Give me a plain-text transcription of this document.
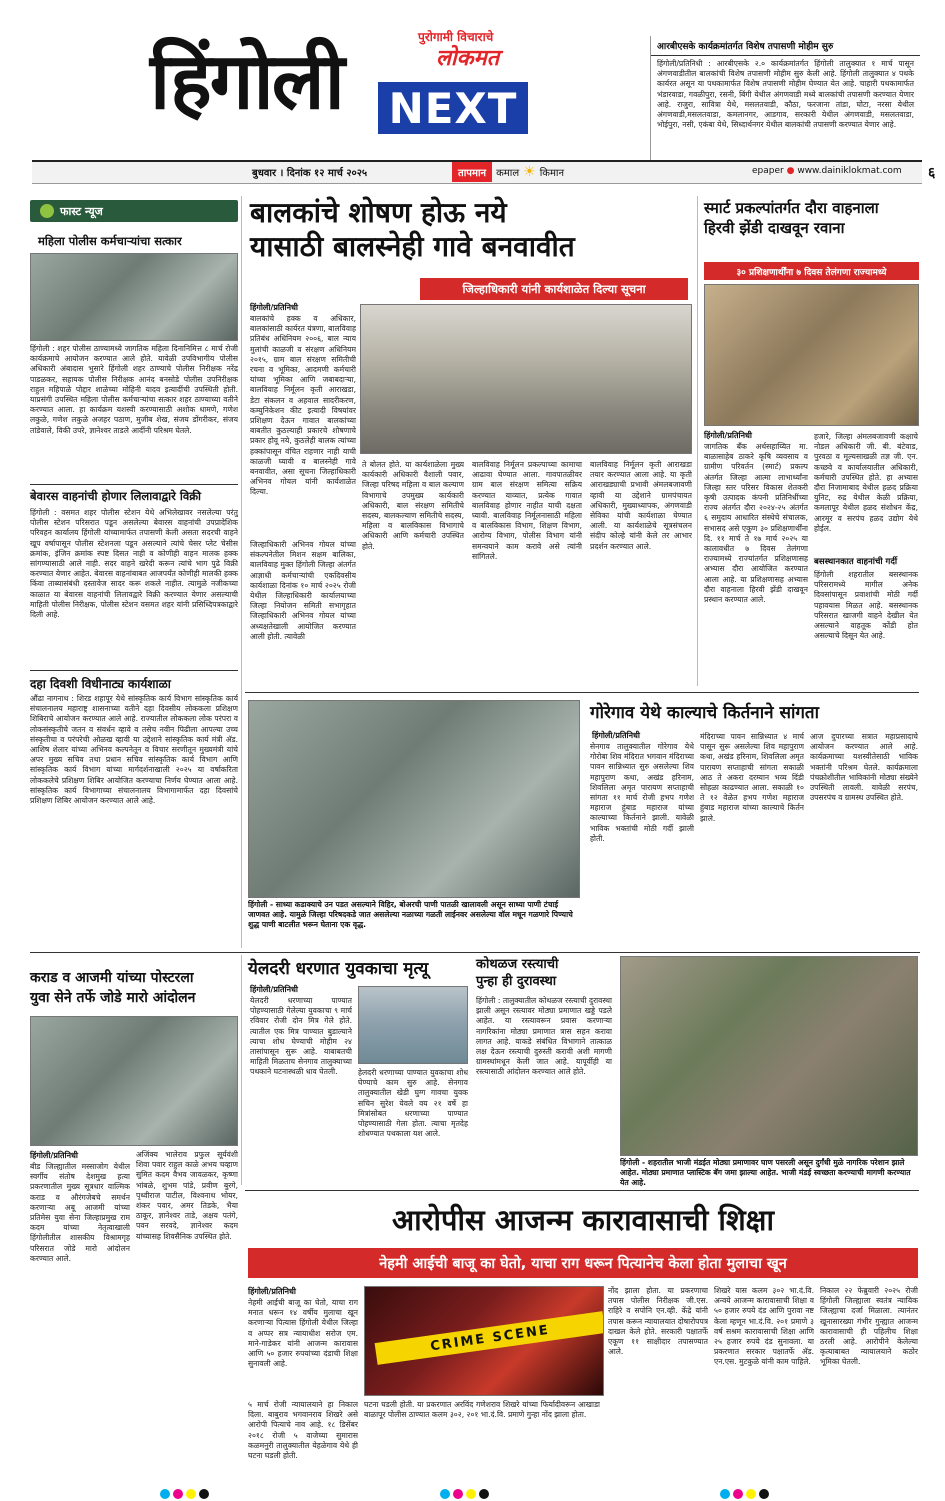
हिंगोली	पुरोगामी विचाराचे
लोकमत
NEXT
आरबीएसके कार्यक्रमांतर्गत विशेष तपासणी मोहीम सुरु
हिंगोली/प्रतिनिधी : आरबीएसके २.० कार्यक्रमांतर्गत हिंगोली तालुक्यात १ मार्च पासून अंगणवाडीतील बालकांची विशेष तपासणी मोहीम सुरु केली आहे. हिंगोली तालुक्यात ४ पथके कार्यरत असून या पथकामार्फत विशेष तपासणी मोहीम घेण्यात येत आहे. चाहारी पथकामार्फत भंडारवाडा, गवळीपुरा, रसनी, बिंगी येथील अंगणवाडी मध्ये बालकांची तपासणी करण्यात येणार आहे. राजुरा, सावित्रा येथे, मसलतवाडी, कौठा, फरजाना तांडा, घोटा, नरसा येथील अंगणवाडी,मसलतवाडा, कमलानगर, आडगाव, सरकारी येथील अंगणवाडी, मसलतवाडा, भोईपुरा, नसी, एकंबा येथे, सिध्दार्थनगर येथील बालकांची तपासणी करण्यात येणार आहे.
बुधवार । दिनांक १२ मार्च २०२५	तापमान	कमाल ☀ किमान	epaper ● www.dainiklokmat.com ६
फास्ट न्यूज
महिला पोलीस कर्मचाऱ्यांचा सत्कार
हिंगोली : शहर पोलीस ठाण्यामध्ये जागतिक महिला दिनानिमित्त ८ मार्च रोजी कार्यक्रमाचे आयोजन करण्यात आले होते. यावेळी उपविभागीय पोलीस अधिकारी अंबादास भुसारे हिंगोली शहर ठाण्याचे पोलीस निरीक्षक नरेंद्र पाडळकर, सहायक पोलीस निरीक्षक आनंद बनसोडे पोलीस उपनिरीक्षक राहुल महिपाळे पोद्दार शाळेच्या मोहिनी यादव इत्यादींची उपस्थिती होती. याप्रसंगी उपस्थित महिला पोलीस कर्मचाऱ्यांचा सत्कार शहर ठाण्याच्या वतीने करण्यात आला. हा कार्यक्रम यशस्वी करण्यासाठी अशोक धामणे, गणेश लकुळे, गणेश लकुळे अजहर पठाण, मुजीब शेख, संजय डोंगरीकर, संजय तांडेवाले, विकी उपरे, ज्ञानेश्वर ताडले आदींनी परिश्रम घेतले.
बेवारस वाहनांची होणार लिलावाद्वारे विक्री
हिंगोली : वसमत शहर पोलीस स्टेशन येथे अभिलेखावर नसलेल्या परंतु पोलीस स्टेशन परिसरात पडून असलेल्या बेवारस वाहनांची उपप्रादेशिक परिवहन कार्यालय हिंगोली यांच्यामार्फत तपासणी केली असता सदरची वाहने खूप वर्षापासून पोलीस स्टेशनला पडून असल्याने त्यांचे चेसर प्लेट चेसीस क्रमांक, इंजिन क्रमांक स्पष्ट दिसत नाही व कोणीही वाहन मालक हक्क सांगण्यासाठी आले नाही. सदर वाहने खरेदी करून त्यांचे भाग पुढे विक्री करण्यात येणार आहेत. बेवारस वाहनांबाबत आजपर्यंत कोणीही मालकी हक्क किंवा ताब्यासंबंधी दस्तावेज सादर करू शकले नाहीत. त्यामुळे नजीकच्या काळात या बेवारस वाहनांची लिलावद्वारे विक्री करण्यात येणार असल्याची माहिती पोलीस निरीक्षक, पोलीस स्टेशन वसमत शहर यांनी प्रसिध्दिपत्रकाद्वारे दिली आहे.
दहा दिवशी विधीनाट्य कार्यशाळा
औंढा नागनाथ : शिरड शहापूर येथे सांस्कृतिक कार्य विभाग सांस्कृतिक कार्य संचालनालय महाराष्ट्र शासनाच्या वतीने दहा दिवसीय लोककला प्रशिक्षण शिबिराचे आयोजन करण्यात आले आहे. राज्यातील लोककला लोक परंपरा व लोकसंस्कृतीचे जतन व संवर्धन व्हावे व तसेच नवीन पिढीला आपल्या उच्च संस्कृतीचा व परंपरेची ओळख व्हावी या उद्देशाने सांस्कृतिक कार्य मंत्री ॲड. आशिष शेलार यांच्या अभिनव कल्पनेतून व विचार सरणीतून मुख्यमंत्री यांचे अपर मुख्य सचिव तथा प्रधान सचिव सांस्कृतिक कार्य विभाग आणि सांस्कृतिक कार्य विभाग यांच्या मार्गदर्शनाखाली २०२५ या वर्षाकरिता लोककलेचे प्रशिक्षण शिबिर आयोजित करण्याचा निर्णय घेण्यात आला आहे. सांस्कृतिक कार्य विभागाच्या संचालनालय विभागामार्फत दहा दिवसांचे प्रशिक्षण शिबिर आयोजन करण्यात आले आहे.
बालकांचे शोषण होऊ नये
यासाठी बालस्नेही गावे बनवावीत
जिल्हाधिकारी यांनी कार्यशाळेत दिल्या सूचना
हिंगोली/प्रतिनिधी
बालकांचे हक्क व अधिकार, बालकांसाठी कार्यरत यंत्रणा, बालविवाह प्रतिबंध अधिनियम २००६, बाल न्याय मुलांची काळजी व संरक्षण अधिनियम २०१५, ग्राम बाल संरक्षण समितीची रचना व भूमिका, आदमणी कर्मचारी यांच्या भूमिका आणि जबाबदाऱ्या, बालविवाह निर्मूलन कृती आराखडा, डेटा संकलन व अहवाल सादरीकरण, कम्युनिकेशन कीट इत्यादी विषयांवर प्रशिक्षण देऊन गावात बालकांच्या बाबतीत कुठल्याही प्रकारचे शोषणाचे प्रकार होवू नये, कुठलेही बालक त्यांच्या हक्कांपासून वंचित राहणार नाही याची काळजी घ्यावी व बालस्नेही गावे बनवावीत, असा सूचना जिल्हाधिकारी अभिनव गोयल यांनी कार्यशाळेत दिल्या.
जिल्हाधिकारी अभिनव गोयल यांच्या संकल्पनेतील मिशन सक्षम बालिका, बालविवाह मुक्त हिंगोली जिल्हा अंतर्गत आज्ञाधी कर्मचाऱ्यांची एकदिवसीय कार्यशाळा दिनांक १० मार्च २०२५ रोजी येथील जिल्हाधिकारी कार्यालयाच्या जिल्हा नियोजन समिती सभागृहात जिल्हाधिकारी अभिनव गोयल यांच्या अध्यक्षतेखाली आयोजित करण्यात आली होती. त्यावेळी
ते बोलत होते. या कार्यशाळेला मुख्य कार्यकारी अधिकारी वैशाली पवार, जिल्हा परिषद महिला व बाल कल्याण विभागाचे उपमुख्य कार्यकारी अधिकारी, बाल संरक्षण समितीचे सदस्य, बालकल्याण समितीचे सदस्य, महिला व बालविकास विभागाचे अधिकारी आणि कर्मचारी उपस्थित होते.
बालविवाह निर्मूलन प्रकल्पाच्या कामाचा आढावा घेण्यात आला. गावपातळीवर ग्राम बाल संरक्षण समित्या सक्रिय करण्यात याव्यात, प्रत्येक गावात बालविवाह होणार नाहीत याची दक्षता घ्यावी. बालविवाह निर्मूलनासाठी महिला व बालविकास विभाग, शिक्षण विभाग, आरोग्य विभाग, पोलीस विभाग यांनी समन्वयाने काम करावे असे त्यांनी सांगितले.
बालविवाह निर्मूलन कृती आराखडा तयार करण्यात आला आहे. या कृती आराखड्याची प्रभावी अंमलबजावणी व्हावी या उद्देशाने ग्रामपंचायत अधिकारी, मुख्याध्यापक, अंगणवाडी सेविका यांची कार्यशाळा घेण्यात आली. या कार्यशाळेचे सूत्रसंचलन संदीप कोल्हे यांनी केले तर आभार प्रदर्शन करण्यात आले.
स्मार्ट प्रकल्पांतर्गत दौरा वाहनाला
हिरवी झेंडी दाखवून रवाना
३० प्रशिक्षणार्थींना ७ दिवस तेलंगणा राज्यामध्ये
हिंगोली/प्रतिनिधी
जागतिक बँक अर्थसहाय्यित मा. बाळासाहेब ठाकरे कृषि व्यवसाय व ग्रामीण परिवर्तन (स्मार्ट) प्रकल्प अंतर्गत जिल्हा आत्मा लाभार्थ्यांना जिल्हा स्तर परिसर विकास शेतकरी कृषी उत्पादक कंपनी प्रतिनिधींच्या राज्य अंतर्गत दौरा २०२४-२५ अंतर्गत ६ समुदाय आधारित संस्थेचे संचालक, सभासद असे एकूण ३० प्रशिक्षणार्थींना दि. ११ मार्च ते १७ मार्च २०२५ या कालावधीत ७ दिवस तेलंगणा राज्यामध्ये राज्यांतर्गत प्रशिक्षणासह अभ्यास दौरा आयोजित करण्यात आला आहे. या प्रशिक्षणासह अभ्यास दौरा वाहनाला हिरवी झेंडी दाखवून प्रस्थान करण्यात आले.
हजारे, जिल्हा अंमलबजावणी कक्षाचे नोडल अधिकारी जी. बी. बंटेवाड, पुरवठा व मूल्यसाखळी तज्ञ जी. एन. कच्छवे व कार्यालयातील अधिकारी, कर्मचारी उपस्थित होते. हा अभ्यास दौरा निजामाबाद येथील हळद प्रक्रिया युनिट, रुद्र येथील केळी प्रक्रिया, कमलापूर येथील हळद संशोधन केंद्र, आरमूर व सरपंच हळद उद्योग येथे होईल.
बसस्थानकात वाहनांची गर्दी
हिंगोली शहरातील बसस्थानक परिसरामध्ये मागील अनेक दिवसांपासून प्रवाशांची मोठी गर्दी पहावयास मिळत आहे. बसस्थानक परिसरात खाजगी वाहने देखील येत असल्याने वाहतूक कोंडी होत असल्याचे दिसून येत आहे.
हिंगोली - साध्या कडाक्याचे उन पडत असल्याने विहिर, बोअरची पाणी पातळी खालावली असून साध्या पाणी टंचाई जाणवत आहे. यामुळे जिल्हा परिषदकडे जात असलेल्या नळाच्या गळती लाईनवर असलेल्या वॉल मधून गळणारे पिण्याचे शुद्ध पाणी बाटलीत भरून घेताना एक वृद्ध.
गोरेगाव येथे काल्याचे किर्तनाने सांगता
हिंगोली/प्रतिनिधी
सेनगाव तालुक्यातील गोरेगाव येथे गोरोबा शिव मंदिरात भगवान मंदिराच्या पावन सान्निध्यात सुरु असलेल्या शिव महापुराण कथा, अखंड हरिनाम, शिवलिला अमृत पारायण सप्ताहाची सांगता ११ मार्च रोजी हभप गणेश महाराज हुंबाड महाराज यांच्या काल्याच्या किर्तनाने झाली. यावेळी भाविक भक्तांची मोठी गर्दी झाली होती.
मंदिराच्या पावन सान्निध्यात ४ मार्च पासून सुरू असलेल्या शिव महापुराण कथा, अखंड हरिनाम, शिवलिला अमृत पारायण सप्ताहाची सांगता सकाळी आठ ते अकरा दरम्यान भव्य दिंडी सोहळा काढण्यात आला. सकाळी १० ते १२ वेळेत हभप गणेश महाराज हुंबाड महाराज यांच्या काल्याचे किर्तन झाले.
आज दुपारच्या सत्रात महाप्रसादाचे आयोजन करण्यात आले आहे. कार्यक्रमाच्या यशस्वीतेसाठी भाविक भक्तांनी परिश्रम घेतले. कार्यक्रमाला पंचक्रोशीतील भाविकांनी मोठ्या संख्येने उपस्थिती लावली. यावेळी सरपंच, उपसरपंच व ग्रामस्थ उपस्थित होते.
कराड व आजमी यांच्या पोस्टरला
युवा सेने तर्फे जोडे मारो आंदोलन
हिंगोली/प्रतिनिधी
बीड जिल्ह्यातील मस्साजोग येथील स्वर्गीय संतोष देशमुख हत्या प्रकरणातील मुख्य सूत्रधार वाल्मिक कराड व औरंगजेबचे समर्थन करणाऱ्या अबू आजमी यांच्या प्रतिमेस युवा सेना जिल्हाप्रमुख राम कदम यांच्या नेतृत्वाखाली हिंगोलीतील शासकीय विश्रामगृह परिसरात जोडे मारो आंदोलन करण्यात आले.
अजिंक्य भालेराव प्रफुल सूर्यवंशी शिवा पवार राहुल काळे अभय चव्हाण सुमित कदम वैभव जावळकर, कृष्णा भांबळे, शुभम पांडे, प्रवीण बुरगे, पृथ्वीराज पाटील, विश्वनाथ भोयर, शंकर पवार, अमर तिडके, भैया ठाकूर, ज्ञानेश्वर ताडे, अक्षय पतंगे, पवन सरवदे, ज्ञानेश्वर कदम यांच्यासह शिवसैनिक उपस्थित होते.
येलदरी धरणात युवकाचा मृत्यू
हिंगोली/प्रतिनिधी
येलदरी धरणाच्या पाण्यात पोहण्यासाठी गेलेल्या युवकाचा ९ मार्च रविवार रोजी दोन मित्र गेले होते. त्यातील एक मित्र पाण्यात बुडाल्याने त्याचा शोध घेण्याची मोहीम २४ तासांपासून सुरू आहे. याबाबतची माहिती मिळताच सेनगाव तालुक्याच्या पथकाने घटनास्थळी धाव घेतली.	हेलदरी धरणाच्या पाण्यात युवकाचा शोध घेण्याचे काम सुरु आहे. सेनगाव तालुक्यातील खेडी घुग्ग गावचा युवक सचिन सुरेश येवले वय २१ वर्षे हा मित्रांसोबत धरणाच्या पाण्यात पोहण्यासाठी गेला होता. त्याचा मृतदेह शोधण्यात पथकाला यश आले.
कोथळज रस्त्याची
पुन्हा ही दुरावस्था
हिंगोली : तालुक्यातील कोथळज रस्त्याची दुरावस्था झाली असून रस्त्यावर मोठ्या प्रमाणात खड्डे पडले आहेत. या रस्त्यावरून प्रवास करणाऱ्या नागरिकांना मोठ्या प्रमाणात त्रास सहन करावा लागत आहे. याकडे संबंधित विभागाने तात्काळ लक्ष देऊन रस्त्याची दुरुस्ती करावी अशी मागणी ग्रामस्थांमधून केली जात आहे. यापूर्वीही या रस्त्यासाठी आंदोलन करण्यात आले होते.
हिंगोली - शहरातील भाजी मंडईत मोठ्या प्रमाणावर घाण पसरली असून दुर्गंधी मुळे नागरिक परेशान झाले आहेत. मोठ्या प्रमाणात प्लास्टिक बॅग जमा झाल्या आहेत. भाजी मंडई स्वच्छता करण्याची मागणी करण्यात येत आहे.
आरोपीस आजन्म कारावासाची शिक्षा
नेहमी आईची बाजू का घेतो, याचा राग धरून पित्यानेच केला होता मुलाचा खून
हिंगोली/प्रतिनिधी
नेहमी आईची बाजू का घेतो, याचा राग मनात धरून १४ वर्षीय मुलाचा खून करणाऱ्या पित्यास हिंगोली येथील जिल्हा व अप्पर सत्र न्यायाधीश सरोज एम. माने-गाडेकर यांनी आजन्म कारावास आणि ५० हजार रुपयांच्या दंडाची शिक्षा सुनावली आहे.
CRIME SCENE
५ मार्च रोजी न्यायालयाने हा निकाल दिला. बाबुराव भगवानराव शिखरे असे आरोपी पित्याचे नाव आहे. १८ डिसेंबर २०१८ रोजी ५ वाजेच्या सुमारास कळमनुरी तालुक्यातील येहळेगाव येथे ही घटना घडली होती.
घटना घडली होती. या प्रकरणात अरविंद गणेशराव शिखरे यांच्या फिर्यादीवरून आखाडा बाळापूर पोलीस ठाण्यात कलम ३०२, २०१ भा.दं.वि. प्रमाणे गुन्हा नोंद झाला होता.
नोंद झाला होता. या प्रकरणाचा तपास पोलीस निरीक्षक जी.एस. राहिरे व सपोनि एन.व्ही. केंद्रे यांनी तपास करून न्यायालयात दोषारोपपत्र दाखल केले होते. सरकारी पक्षातर्फे एकूण ११ साक्षीदार तपासण्यात आले.
शिखरे यास कलम ३०२ भा.दं.वि. अन्वये आजन्म कारावासाची शिक्षा व ५० हजार रुपये दंड आणि पुरावा नष्ट केला म्हणून भा.दं.वि. २०१ प्रमाणे ३ वर्ष सश्रम कारावासाची शिक्षा आणि २५ हजार रुपये दंड सुनावला. या प्रकरणात सरकार पक्षातर्फे ॲड. एन.एस. मुटकुळे यांनी काम पाहिले.
निकाल २२ फेब्रुवारी २०२५ रोजी हिंगोली जिल्ह्याला स्वतंत्र न्यायिक जिल्ह्याचा दर्जा मिळाला. त्यानंतर खूनासारख्या गंभीर गुन्ह्यात आजन्म कारावासाची ही पहिलीच शिक्षा ठरली आहे. आरोपीने केलेल्या कृत्याबाबत न्यायालयाने कठोर भूमिका घेतली.
